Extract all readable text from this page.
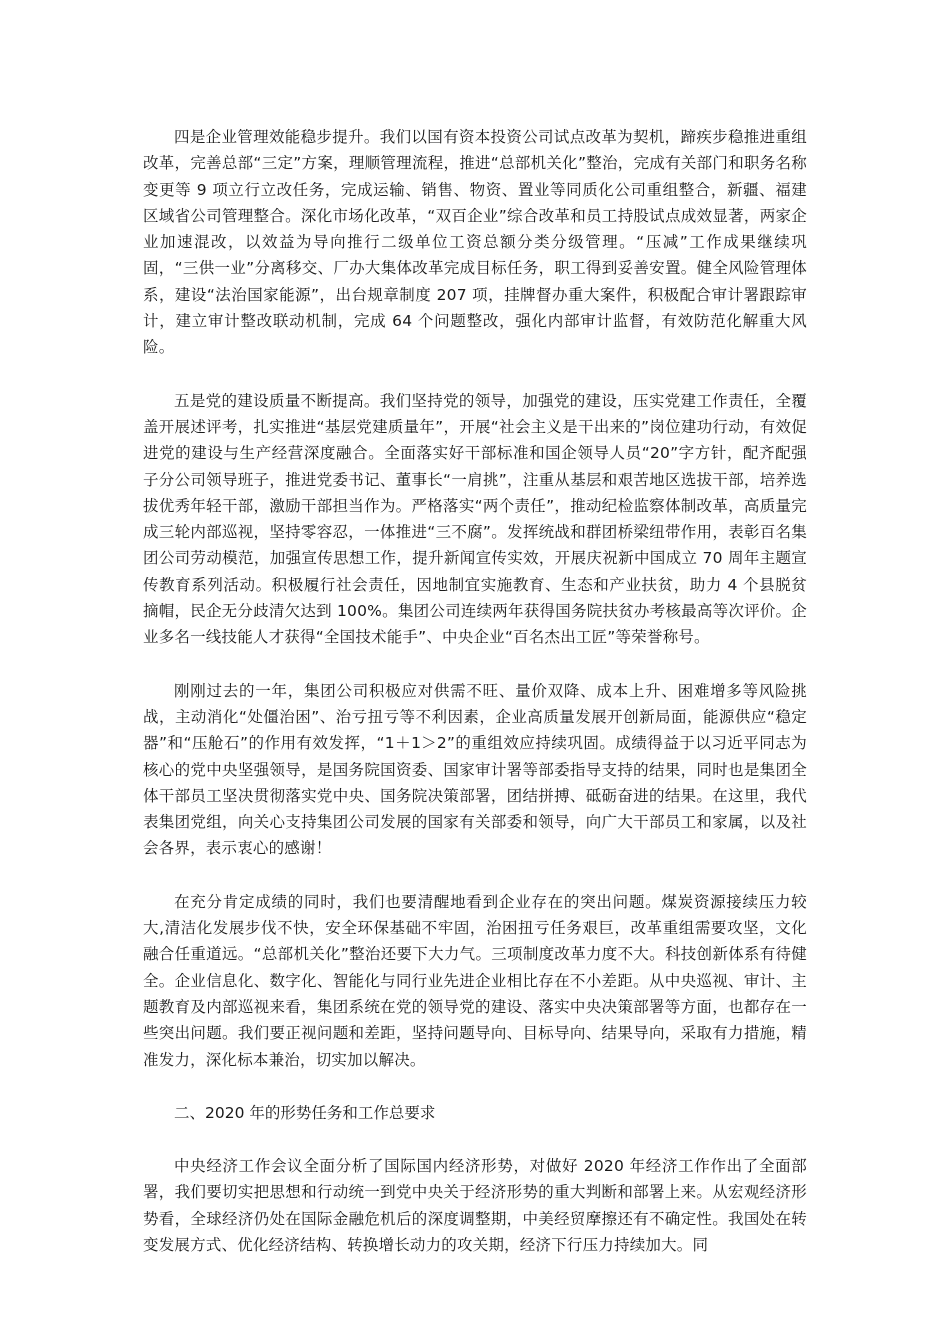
四是企业管理效能稳步提升。我们以国有资本投资公司试点改革为契机，蹄疾步稳推进重组改革，完善总部“三定”方案，理顺管理流程，推进“总部机关化”整治，完成有关部门和职务名称变更等 9 项立行立改任务，完成运输、销售、物资、置业等同质化公司重组整合，新疆、福建区域省公司管理整合。深化市场化改革，“双百企业”综合改革和员工持股试点成效显著，两家企业加速混改，以效益为导向推行二级单位工资总额分类分级管理。“压减”工作成果继续巩固，“三供一业”分离移交、厂办大集体改革完成目标任务，职工得到妥善安置。健全风险管理体系，建设“法治国家能源”，出台规章制度 207 项，挂牌督办重大案件，积极配合审计署跟踪审计，建立审计整改联动机制，完成 64 个问题整改，强化内部审计监督，有效防范化解重大风险。

五是党的建设质量不断提高。我们坚持党的领导，加强党的建设，压实党建工作责任，全覆盖开展述评考，扎实推进“基层党建质量年”，开展“社会主义是干出来的”岗位建功行动，有效促进党的建设与生产经营深度融合。全面落实好干部标准和国企领导人员“20”字方针，配齐配强子分公司领导班子，推进党委书记、董事长“一肩挑”，注重从基层和艰苦地区选拔干部，培养选拔优秀年轻干部，激励干部担当作为。严格落实“两个责任”，推动纪检监察体制改革，高质量完成三轮内部巡视，坚持零容忍，一体推进“三不腐”。发挥统战和群团桥梁纽带作用，表彰百名集团公司劳动模范，加强宣传思想工作，提升新闻宣传实效，开展庆祝新中国成立 70 周年主题宣传教育系列活动。积极履行社会责任，因地制宜实施教育、生态和产业扶贫，助力 4 个县脱贫摘帽，民企无分歧清欠达到 100%。集团公司连续两年获得国务院扶贫办考核最高等次评价。企业多名一线技能人才获得“全国技术能手”、中央企业“百名杰出工匠”等荣誉称号。

刚刚过去的一年，集团公司积极应对供需不旺、量价双降、成本上升、困难增多等风险挑战，主动消化“处僵治困”、治亏扭亏等不利因素，企业高质量发展开创新局面，能源供应“稳定器”和“压舱石”的作用有效发挥，“1＋1＞2”的重组效应持续巩固。成绩得益于以习近平同志为核心的党中央坚强领导，是国务院国资委、国家审计署等部委指导支持的结果，同时也是集团全体干部员工坚决贯彻落实党中央、国务院决策部署，团结拼搏、砥砺奋进的结果。在这里，我代表集团党组，向关心支持集团公司发展的国家有关部委和领导，向广大干部员工和家属，以及社会各界，表示衷心的感谢！

在充分肯定成绩的同时，我们也要清醒地看到企业存在的突出问题。煤炭资源接续压力较大,清洁化发展步伐不快，安全环保基础不牢固，治困扭亏任务艰巨，改革重组需要攻坚，文化融合任重道远。“总部机关化”整治还要下大力气。三项制度改革力度不大。科技创新体系有待健全。企业信息化、数字化、智能化与同行业先进企业相比存在不小差距。从中央巡视、审计、主题教育及内部巡视来看，集团系统在党的领导党的建设、落实中央决策部署等方面，也都存在一些突出问题。我们要正视问题和差距，坚持问题导向、目标导向、结果导向，采取有力措施，精准发力，深化标本兼治，切实加以解决。

二、2020 年的形势任务和工作总要求

中央经济工作会议全面分析了国际国内经济形势，对做好 2020 年经济工作作出了全面部署，我们要切实把思想和行动统一到党中央关于经济形势的重大判断和部署上来。从宏观经济形势看，全球经济仍处在国际金融危机后的深度调整期，中美经贸摩擦还有不确定性。我国处在转变发展方式、优化经济结构、转换增长动力的攻关期，经济下行压力持续加大。同
